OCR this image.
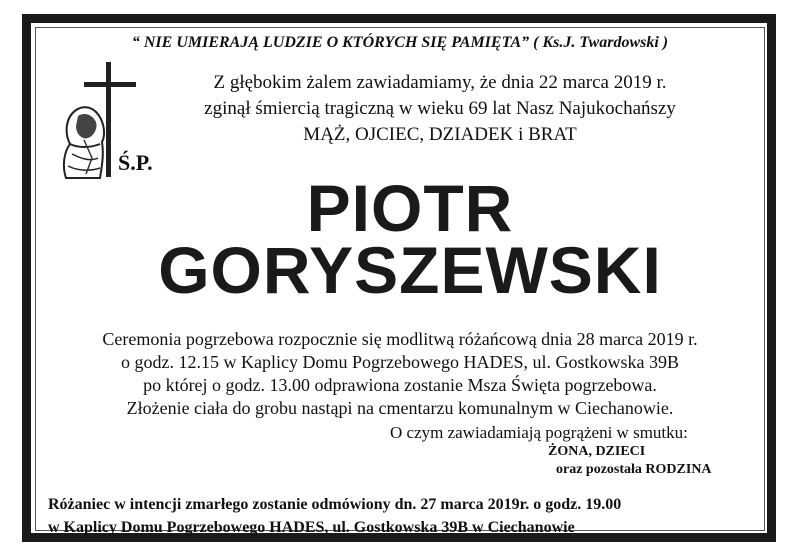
“ NIE UMIERAJĄ LUDZIE O KTÓRYCH SIĘ PAMIĘTA” ( Ks.J. Twardowski )
Z głębokim żalem zawiadamiamy, że dnia 22 marca 2019 r.
zginął śmiercią tragiczną w wieku 69 lat Nasz Najukochańszy
MĄŻ, OJCIEC, DZIADEK i BRAT
Ś.P.
PIOTR
GORYSZEWSKI
Ceremonia pogrzebowa rozpocznie się modlitwą różańcową dnia 28 marca 2019 r.
o godz. 12.15 w Kaplicy Domu Pogrzebowego HADES, ul. Gostkowska 39B
po której o godz. 13.00 odprawiona zostanie Msza Święta pogrzebowa.
Złożenie ciała do grobu nastąpi na cmentarzu komunalnym w Ciechanowie.
O czym zawiadamiają pogrążeni w smutku:
ŻONA, DZIECI
oraz pozostała RODZINA
Różaniec w intencji zmarłego zostanie odmówiony dn. 27 marca 2019r. o godz. 19.00
w Kaplicy Domu Pogrzebowego HADES, ul. Gostkowska 39B w Ciechanowie
